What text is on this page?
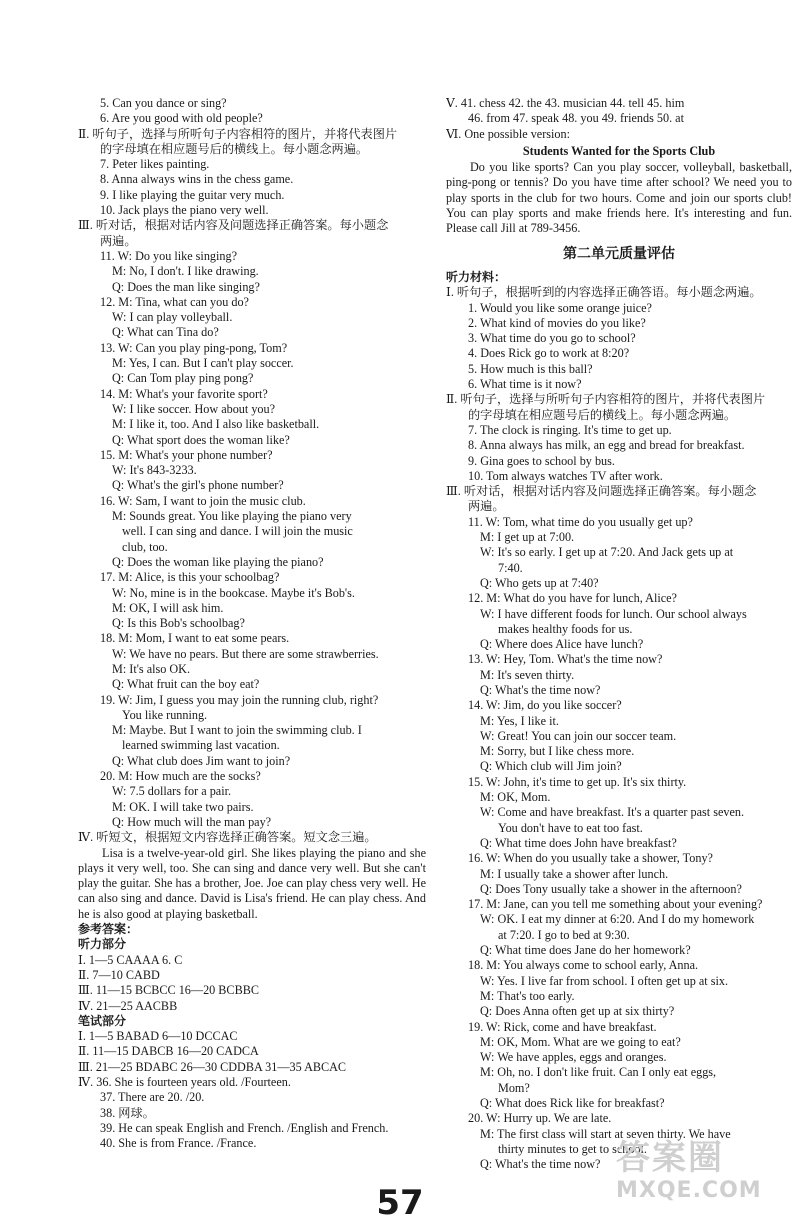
5. Can you dance or sing?
6. Are you good with old people?
Ⅱ. 听句子，选择与所听句子内容相符的图片，并将代表图片
的字母填在相应题号后的横线上。每小题念两遍。
7. Peter likes painting.
8. Anna always wins in the chess game.
9. I like playing the guitar very much.
10. Jack plays the piano very well.
Ⅲ. 听对话，根据对话内容及问题选择正确答案。每小题念
两遍。
11. W: Do you like singing?
M: No, I don't. I like drawing.
Q: Does the man like singing?
12. M: Tina, what can you do?
W: I can play volleyball.
Q: What can Tina do?
13. W: Can you play ping-pong, Tom?
M: Yes, I can. But I can't play soccer.
Q: Can Tom play ping pong?
14. M: What's your favorite sport?
W: I like soccer. How about you?
M: I like it, too. And I also like basketball.
Q: What sport does the woman like?
15. M: What's your phone number?
W: It's 843-3233.
Q: What's the girl's phone number?
16. W: Sam, I want to join the music club.
M: Sounds great. You like playing the piano very
well. I can sing and dance. I will join the music
club, too.
Q: Does the woman like playing the piano?
17. M: Alice, is this your schoolbag?
W: No, mine is in the bookcase. Maybe it's Bob's.
M: OK, I will ask him.
Q: Is this Bob's schoolbag?
18. M: Mom, I want to eat some pears.
W: We have no pears. But there are some strawberries.
M: It's also OK.
Q: What fruit can the boy eat?
19. W: Jim, I guess you may join the running club, right?
You like running.
M: Maybe. But I want to join the swimming club. I
learned swimming last vacation.
Q: What club does Jim want to join?
20. M: How much are the socks?
W: 7.5 dollars for a pair.
M: OK. I will take two pairs.
Q: How much will the man pay?
Ⅳ. 听短文，根据短文内容选择正确答案。短文念三遍。
Lisa is a twelve-year-old girl. She likes playing the piano and she plays it very well, too. She can sing and dance very well. But she can't play the guitar. She has a brother, Joe. Joe can play chess very well. He can also sing and dance. David is Lisa's friend. He can play chess. And he is also good at playing basketball.
参考答案：
听力部分
Ⅰ. 1—5 CAAAA 6. C
Ⅱ. 7—10 CABD
Ⅲ. 11—15 BCBCC 16—20 BCBBC
Ⅳ. 21—25 AACBB
笔试部分
Ⅰ. 1—5 BABAD 6—10 DCCAC
Ⅱ. 11—15 DABCB 16—20 CADCA
Ⅲ. 21—25 BDABC 26—30 CDDBA 31—35 ABCAC
Ⅳ. 36. She is fourteen years old. /Fourteen.
37. There are 20. /20.
38. 网球。
39. He can speak English and French. /English and French.
40. She is from France. /France.
Ⅴ. 41. chess 42. the 43. musician 44. tell 45. him
46. from 47. speak 48. you 49. friends 50. at
Ⅵ. One possible version:
Students Wanted for the Sports Club
Do you like sports? Can you play soccer, volleyball, basketball, ping-pong or tennis? Do you have time after school? We need you to play sports in the club for two hours. Come and join our sports club! You can play sports and make friends here. It's interesting and fun. Please call Jill at 789-3456.
第二单元质量评估
听力材料：
Ⅰ. 听句子，根据听到的内容选择正确答语。每小题念两遍。
1. Would you like some orange juice?
2. What kind of movies do you like?
3. What time do you go to school?
4. Does Rick go to work at 8:20?
5. How much is this ball?
6. What time is it now?
Ⅱ. 听句子，选择与所听句子内容相符的图片，并将代表图片
的字母填在相应题号后的横线上。每小题念两遍。
7. The clock is ringing. It's time to get up.
8. Anna always has milk, an egg and bread for breakfast.
9. Gina goes to school by bus.
10. Tom always watches TV after work.
Ⅲ. 听对话，根据对话内容及问题选择正确答案。每小题念
两遍。
11. W: Tom, what time do you usually get up?
M: I get up at 7:00.
W: It's so early. I get up at 7:20. And Jack gets up at
7:40.
Q: Who gets up at 7:40?
12. M: What do you have for lunch, Alice?
W: I have different foods for lunch. Our school always
makes healthy foods for us.
Q: Where does Alice have lunch?
13. W: Hey, Tom. What's the time now?
M: It's seven thirty.
Q: What's the time now?
14. W: Jim, do you like soccer?
M: Yes, I like it.
W: Great! You can join our soccer team.
M: Sorry, but I like chess more.
Q: Which club will Jim join?
15. W: John, it's time to get up. It's six thirty.
M: OK, Mom.
W: Come and have breakfast. It's a quarter past seven.
You don't have to eat too fast.
Q: What time does John have breakfast?
16. W: When do you usually take a shower, Tony?
M: I usually take a shower after lunch.
Q: Does Tony usually take a shower in the afternoon?
17. M: Jane, can you tell me something about your evening?
W: OK. I eat my dinner at 6:20. And I do my homework
at 7:20. I go to bed at 9:30.
Q: What time does Jane do her homework?
18. M: You always come to school early, Anna.
W: Yes. I live far from school. I often get up at six.
M: That's too early.
Q: Does Anna often get up at six thirty?
19. W: Rick, come and have breakfast.
M: OK, Mom. What are we going to eat?
W: We have apples, eggs and oranges.
M: Oh, no. I don't like fruit. Can I only eat eggs,
Mom?
Q: What does Rick like for breakfast?
20. W: Hurry up. We are late.
M: The first class will start at seven thirty. We have
thirty minutes to get to school.
Q: What's the time now?
57
答案圈
MXQE.COM
